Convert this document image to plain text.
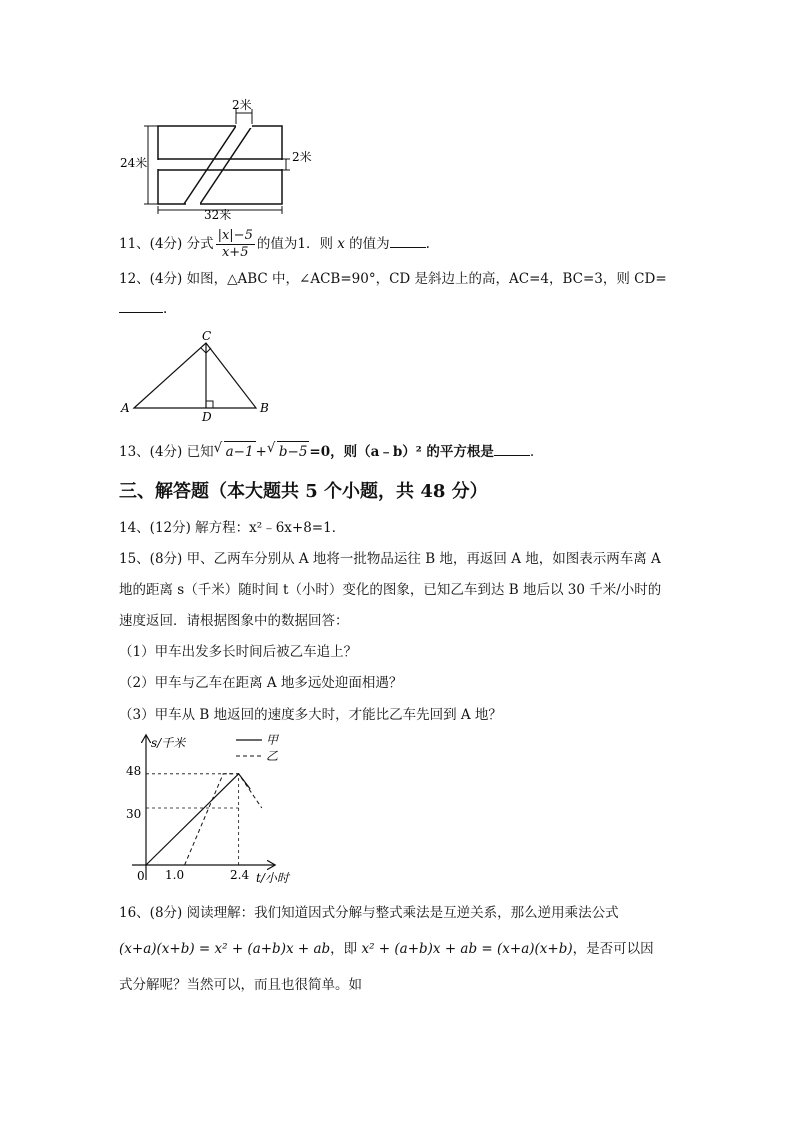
2米
2米
24米
32米
11、(4分) 分式 $\frac{|x|-5}{x+5}$ 的值为1．则 x 的值为	.
12、(4分) 如图，△ABC 中，∠ACB=90°，CD 是斜边上的高，AC=4，BC=3，则 CD=
.
C
A	B
D
13、(4分) 已知 √ a−1 + √ b−5 =0，则（a﹣b）² 的平方根是	.
三、解答题（本大题共 5 个小题，共 48 分）
14、(12分) 解方程：x²﹣6x+8=1．
15、(8分) 甲、乙两车分别从 A 地将一批物品运往 B 地，再返回 A 地，如图表示两车离 A
地的距离 s（千米）随时间 t（小时）变化的图象，已知乙车到达 B 地后以 30 千米/小时的
速度返回．请根据图象中的数据回答：
（1）甲车出发多长时间后被乙车追上？
（2）甲车与乙车在距离 A 地多远处迎面相遇？
（3）甲车从 B 地返回的速度多大时，才能比乙车先回到 A 地？
s/千米
t/小时
0 1.0	2.4
30
48
甲
乙
16、(8分) 阅读理解：我们知道因式分解与整式乘法是互逆关系，那么逆用乘法公式
(x+a)(x+b) = x² + (a+b)x + ab，即 x² + (a+b)x + ab = (x+a)(x+b)，是否可以因
式分解呢？当然可以，而且也很简单。如
